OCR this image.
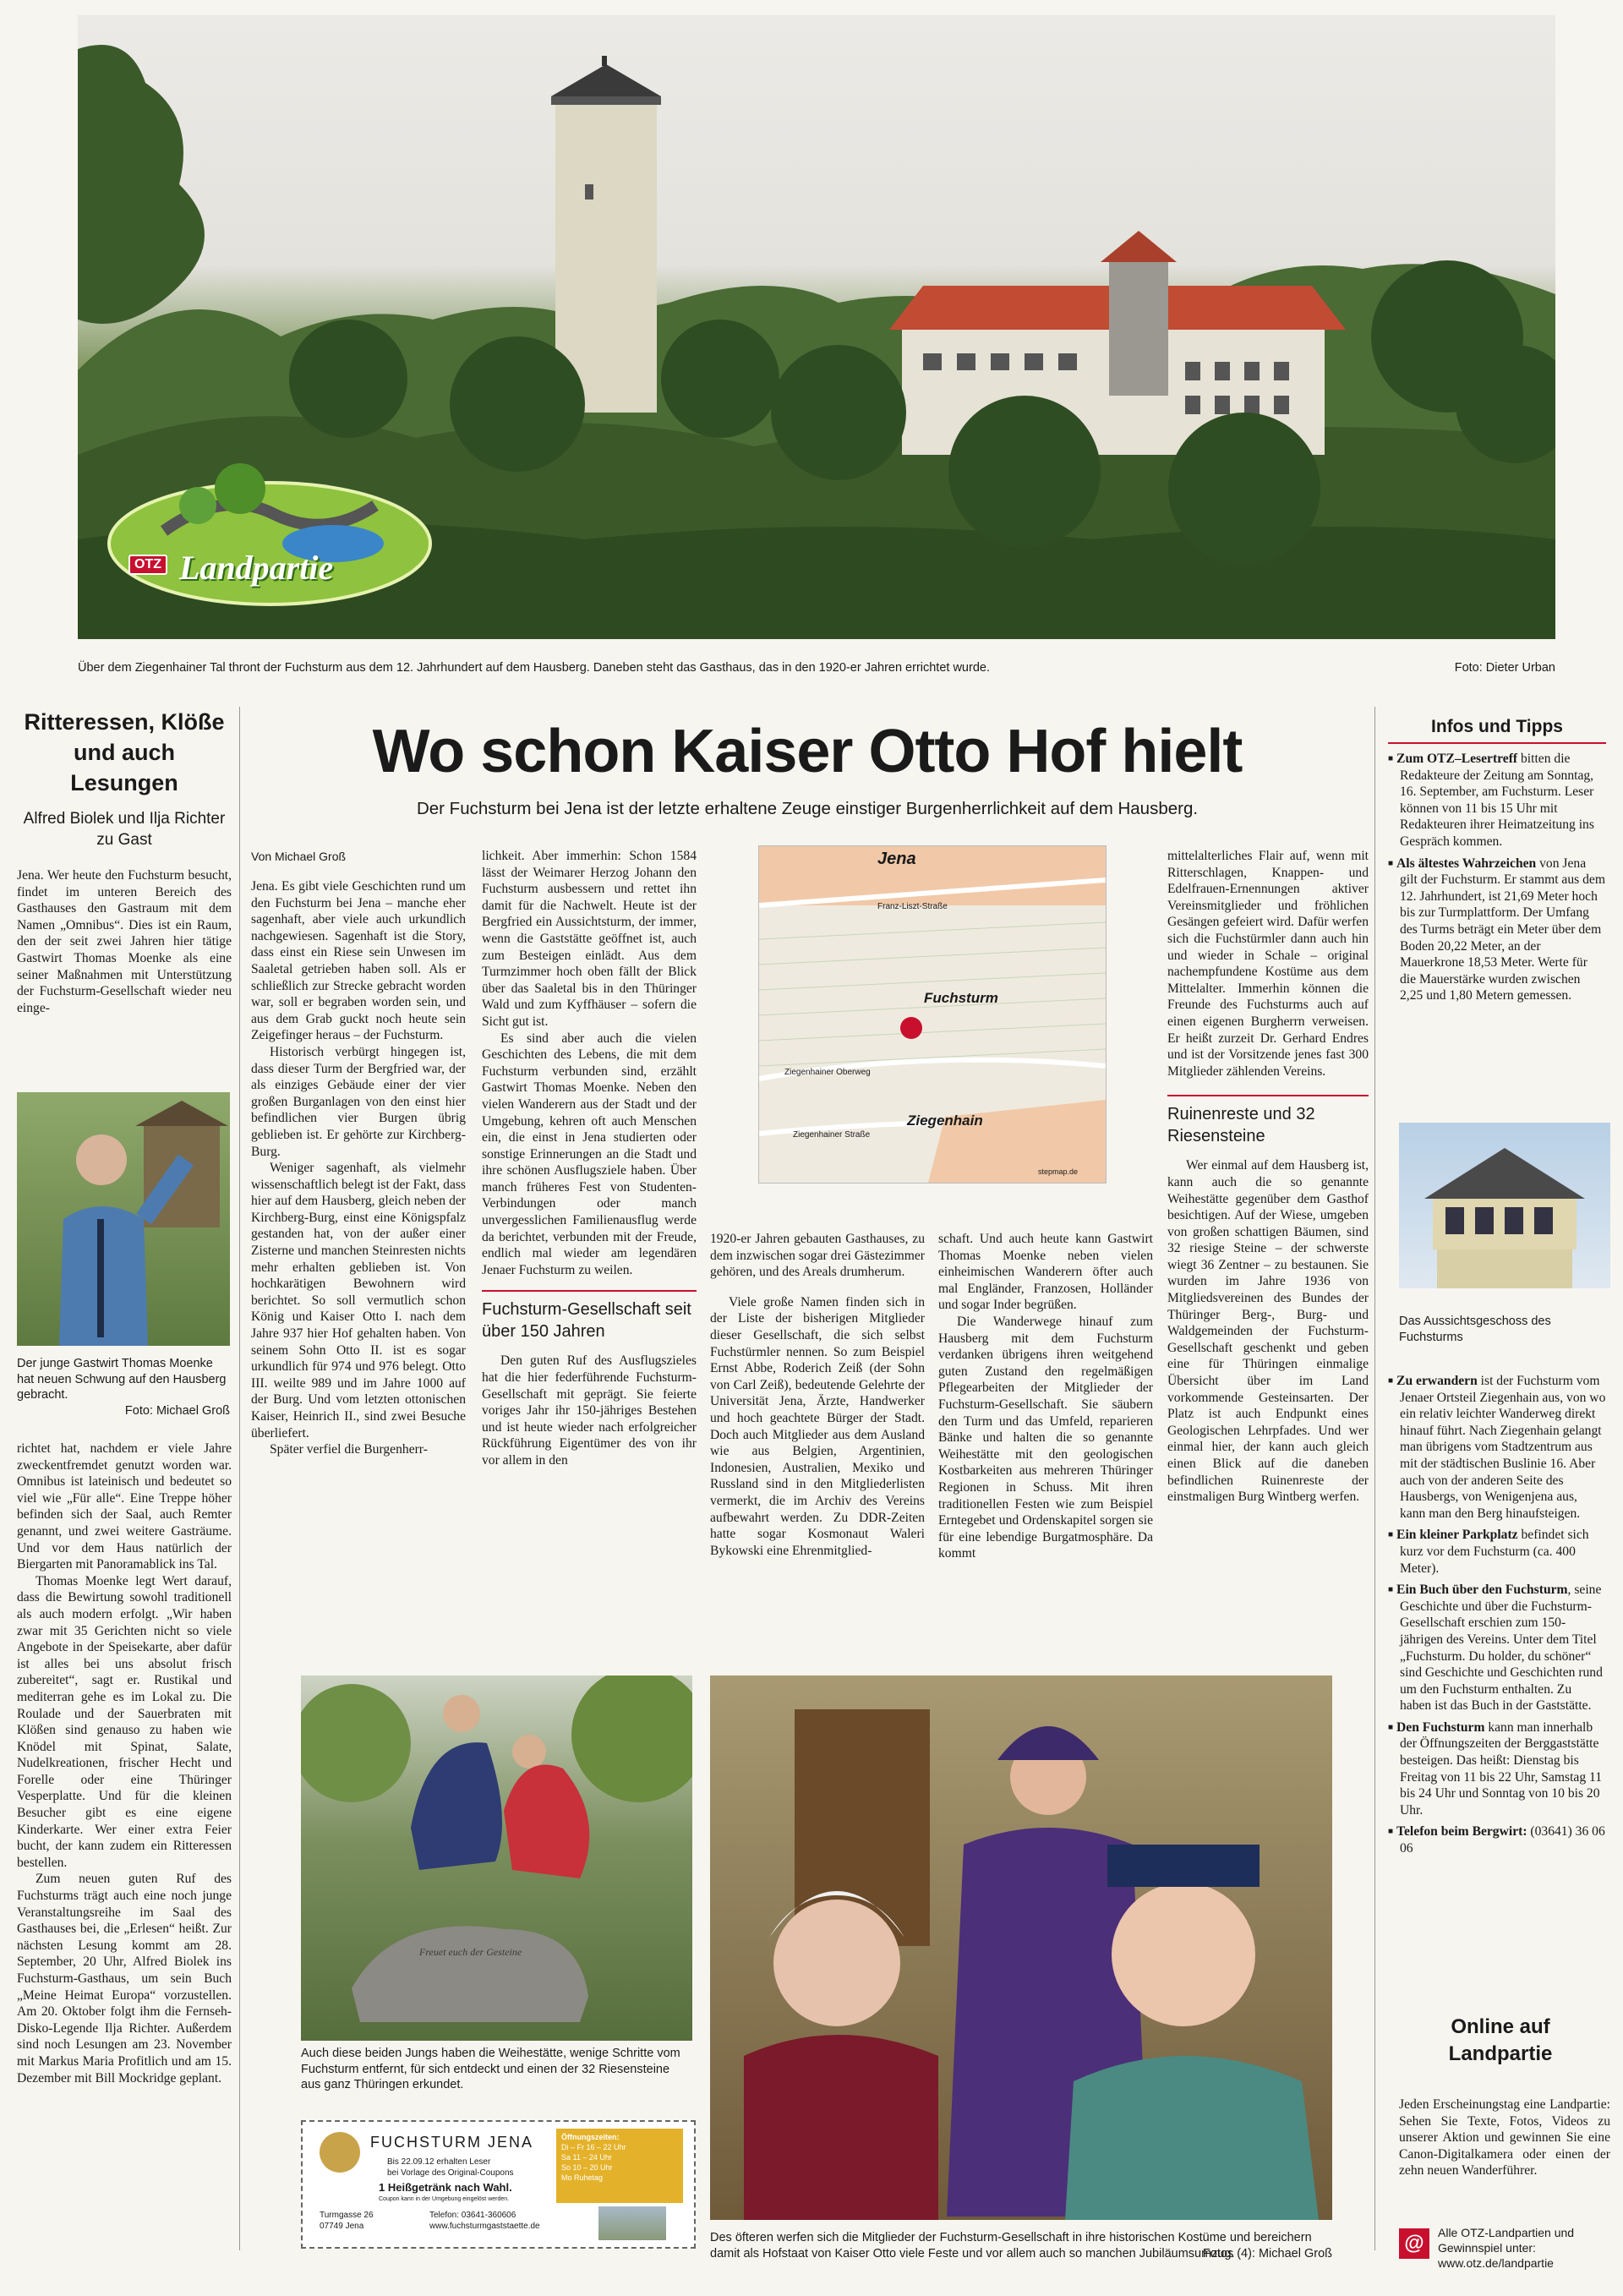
OTZ Landpartie
Über dem Ziegenhainer Tal thront der Fuchsturm aus dem 12. Jahrhundert auf dem Hausberg. Daneben steht das Gasthaus, das in den 1920-er Jahren errichtet wurde.	Foto: Dieter Urban
Ritteressen, Klöße und auch Lesungen
Alfred Biolek und Ilja Richter zu Gast

Jena. Wer heute den Fuchsturm besucht, findet im unteren Bereich des Gasthauses den Gastraum mit dem Namen „Omnibus“. Dies ist ein Raum, den der seit zwei Jahren hier tätige Gastwirt Thomas Moenke als eine seiner Maßnahmen mit Unterstützung der Fuchsturm-Gesellschaft wieder neu einge-

Der junge Gastwirt Thomas Moenke hat neuen Schwung auf den Hausberg gebracht.
Foto: Michael Groß

richtet hat, nachdem er viele Jahre zweckentfremdet genutzt worden war. Omnibus ist lateinisch und bedeutet so viel wie „Für alle“. Eine Treppe höher befinden sich der Saal, auch Remter genannt, und zwei weitere Gasträume. Und vor dem Haus natürlich der Biergarten mit Panoramablick ins Tal.

Thomas Moenke legt Wert darauf, dass die Bewirtung sowohl traditionell als auch modern erfolgt. „Wir haben zwar mit 35 Gerichten nicht so viele Angebote in der Speisekarte, aber dafür ist alles bei uns absolut frisch zubereitet“, sagt er. Rustikal und mediterran gehe es im Lokal zu. Die Roulade und der Sauerbraten mit Klößen sind genauso zu haben wie Knödel mit Spinat, Salate, Nudelkreationen, frischer Hecht und Forelle oder eine Thüringer Vesperplatte. Und für die kleinen Besucher gibt es eine eigene Kinderkarte. Wer einer extra Feier bucht, der kann zudem ein Ritteressen bestellen.

Zum neuen guten Ruf des Fuchsturms trägt auch eine noch junge Veranstaltungsreihe im Saal des Gasthauses bei, die „Erlesen“ heißt. Zur nächsten Lesung kommt am 28. September, 20 Uhr, Alfred Biolek ins Fuchsturm-Gasthaus, um sein Buch „Meine Heimat Europa“ vorzustellen. Am 20. Oktober folgt ihm die Fernseh-Disko-Legende Ilja Richter. Außerdem sind noch Lesungen am 23. November mit Markus Maria Profitlich und am 15. Dezember mit Bill Mockridge geplant.

Wo schon Kaiser Otto Hof hielt
Der Fuchsturm bei Jena ist der letzte erhaltene Zeuge einstiger Burgenherrlichkeit auf dem Hausberg.
Von Michael Groß

Jena. Es gibt viele Geschichten rund um den Fuchsturm bei Jena – manche eher sagenhaft, aber viele auch urkundlich nachgewiesen. Sagenhaft ist die Story, dass einst ein Riese sein Unwesen im Saaletal getrieben haben soll. Als er schließlich zur Strecke gebracht worden war, soll er begraben worden sein, und aus dem Grab guckt noch heute sein Zeigefinger heraus – der Fuchsturm.

Historisch verbürgt hingegen ist, dass dieser Turm der Bergfried war, der als einziges Gebäude einer der vier großen Burganlagen von den einst hier befindlichen vier Burgen übrig geblieben ist. Er gehörte zur Kirchberg-Burg.

Weniger sagenhaft, als vielmehr wissenschaftlich belegt ist der Fakt, dass hier auf dem Hausberg, gleich neben der Kirchberg-Burg, einst eine Königspfalz gestanden hat, von der außer einer Zisterne und manchen Steinresten nichts mehr erhalten geblieben ist. Von hochkarätigen Bewohnern wird berichtet. So soll vermutlich schon König und Kaiser Otto I. nach dem Jahre 937 hier Hof gehalten haben. Von seinem Sohn Otto II. ist es sogar urkundlich für 974 und 976 belegt. Otto III. weilte 989 und im Jahre 1000 auf der Burg. Und vom letzten ottonischen Kaiser, Heinrich II., sind zwei Besuche überliefert.

Später verfiel die Burgenherr-

lichkeit. Aber immerhin: Schon 1584 lässt der Weimarer Herzog Johann den Fuchsturm ausbessern und rettet ihn damit für die Nachwelt. Heute ist der Bergfried ein Aussichtsturm, der immer, wenn die Gaststätte geöffnet ist, auch zum Besteigen einlädt. Aus dem Turmzimmer hoch oben fällt der Blick über das Saaletal bis in den Thüringer Wald und zum Kyffhäuser – sofern die Sicht gut ist.

Es sind aber auch die vielen Geschichten des Lebens, die mit dem Fuchsturm verbunden sind, erzählt Gastwirt Thomas Moenke. Neben den vielen Wanderern aus der Stadt und der Umgebung, kehren oft auch Menschen ein, die einst in Jena studierten oder sonstige Erinnerungen an die Stadt und ihre schönen Ausflugsziele haben. Über manch früheres Fest von Studenten-Verbindungen oder manch unvergesslichen Familienausflug werde da berichtet, verbunden mit der Freude, endlich mal wieder am legendären Jenaer Fuchsturm zu weilen.

Fuchsturm-Gesellschaft seit über 150 Jahren

Den guten Ruf des Ausflugszieles hat die hier federführende Fuchsturm-Gesellschaft mit geprägt. Sie feierte voriges Jahr ihr 150-jähriges Bestehen und ist heute wieder nach erfolgreicher Rückführung Eigentümer des von ihr vor allem in den

Jena
Franz-Liszt-Straße
Fuchsturm
Ziegenhainer Oberweg
Ziegenhain
Ziegenhainer Straße
stepmap.de

1920-er Jahren gebauten Gasthauses, zu dem inzwischen sogar drei Gästezimmer gehören, und des Areals drumherum.

Viele große Namen finden sich in der Liste der bisherigen Mitglieder dieser Gesellschaft, die sich selbst Fuchstürmler nennen. So zum Beispiel Ernst Abbe, Roderich Zeiß (der Sohn von Carl Zeiß), bedeutende Gelehrte der Universität Jena, Ärzte, Handwerker und hoch geachtete Bürger der Stadt. Doch auch Mitglieder aus dem Ausland wie aus Belgien, Argentinien, Indonesien, Australien, Mexiko und Russland sind in den Mitgliederlisten vermerkt, die im Archiv des Vereins aufbewahrt werden. Zu DDR-Zeiten hatte sogar Kosmonaut Waleri Bykowski eine Ehrenmitglied-

schaft. Und auch heute kann Gastwirt Thomas Moenke neben vielen einheimischen Wanderern öfter auch mal Engländer, Franzosen, Holländer und sogar Inder begrüßen.

Die Wanderwege hinauf zum Hausberg mit dem Fuchsturm verdanken übrigens ihren weitgehend guten Zustand den regelmäßigen Pflegearbeiten der Mitglieder der Fuchsturm-Gesellschaft. Sie säubern den Turm und das Umfeld, reparieren Bänke und halten die so genannte Weihestätte mit den geologischen Kostbarkeiten aus mehreren Thüringer Regionen in Schuss. Mit ihren traditionellen Festen wie zum Beispiel Erntegebet und Ordenskapitel sorgen sie für eine lebendige Burgatmosphäre. Da kommt

mittelalterliches Flair auf, wenn mit Ritterschlagen, Knappen- und Edelfrauen-Ernennungen aktiver Vereinsmitglieder und fröhlichen Gesängen gefeiert wird. Dafür werfen sich die Fuchstürmler dann auch hin und wieder in Schale – original nachempfundene Kostüme aus dem Mittelalter. Immerhin können die Freunde des Fuchsturms auch auf einen eigenen Burgherrn verweisen. Er heißt zurzeit Dr. Gerhard Endres und ist der Vorsitzende jenes fast 300 Mitglieder zählenden Vereins.

Ruinenreste und 32 Riesensteine

Wer einmal auf dem Hausberg ist, kann auch die so genannte Weihestätte gegenüber dem Gasthof besichtigen. Auf der Wiese, umgeben von großen schattigen Bäumen, sind 32 riesige Steine – der schwerste wiegt 36 Zentner – zu bestaunen. Sie wurden im Jahre 1936 von Mitgliedsvereinen des Bundes der Thüringer Berg-, Burg- und Waldgemeinden der Fuchsturm-Gesellschaft geschenkt und geben eine für Thüringen einmalige Übersicht über im Land vorkommende Gesteinsarten. Der Platz ist auch Endpunkt eines Geologischen Lehrpfades. Und wer einmal hier, der kann auch gleich einen Blick auf die daneben befindlichen Ruinenreste der einstmaligen Burg Wintberg werfen.

Freuet euch der Gesteine
Auch diese beiden Jungs haben die Weihestätte, wenige Schritte vom Fuchsturm entfernt, für sich entdeckt und einen der 32 Riesensteine aus ganz Thüringen erkundet.
FUCHSTURM JENA
Bis 22.09.12 erhalten Leser
bei Vorlage des Original-Coupons
1 Heißgetränk nach Wahl.
Coupon kann in der Umgebung eingelöst werden.
Turmgasse 26
07749 Jena
Telefon: 03641-360606
www.fuchsturmgaststaette.de
Öffnungszeiten:
Di – Fr 16 – 22 Uhr
Sa 11 – 24 Uhr
So 10 – 20 Uhr
Mo Ruhetag
Des öfteren werfen sich die Mitglieder der Fuchsturm-Gesellschaft in ihre historischen Kostüme und bereichern damit als Hofstaat von Kaiser Otto viele Feste und vor allem auch so manchen Jubiläumsumzug.
Fotos (4): Michael Groß
Infos und Tipps
■ Zum OTZ–Lesertreff bitten die Redakteure der Zeitung am Sonntag, 16. September, am Fuchsturm. Leser können von 11 bis 15 Uhr mit Redakteuren ihrer Heimatzeitung ins Gespräch kommen.
■ Als ältestes Wahrzeichen von Jena gilt der Fuchsturm. Er stammt aus dem 12. Jahrhundert, ist 21,69 Meter hoch bis zur Turmplattform. Der Umfang des Turms beträgt ein Meter über dem Boden 20,22 Meter, an der Mauerkrone 18,53 Meter. Werte für die Mauerstärke wurden zwischen 2,25 und 1,80 Metern gemessen.
Das Aussichtsgeschoss des Fuchsturms
■ Zu erwandern ist der Fuchsturm vom Jenaer Ortsteil Ziegenhain aus, von wo ein relativ leichter Wanderweg direkt hinauf führt. Nach Ziegenhain gelangt man übrigens vom Stadtzentrum aus mit der städtischen Buslinie 16. Aber auch von der anderen Seite des Hausbergs, von Wenigenjena aus, kann man den Berg hinaufsteigen.
■ Ein kleiner Parkplatz befindet sich kurz vor dem Fuchsturm (ca. 400 Meter).
■ Ein Buch über den Fuchsturm, seine Geschichte und über die Fuchsturm-Gesellschaft erschien zum 150-jährigen des Vereins. Unter dem Titel „Fuchsturm. Du holder, du schöner“ sind Geschichte und Geschichten rund um den Fuchsturm enthalten. Zu haben ist das Buch in der Gaststätte.
■ Den Fuchsturm kann man innerhalb der Öffnungszeiten der Berggaststätte besteigen. Das heißt: Dienstag bis Freitag von 11 bis 22 Uhr, Samstag 11 bis 24 Uhr und Sonntag von 10 bis 20 Uhr.
■ Telefon beim Bergwirt: (03641) 36 06 06
Online auf Landpartie
Jeden Erscheinungstag eine Landpartie: Sehen Sie Texte, Fotos, Videos zu unserer Aktion und gewinnen Sie eine Canon-Digitalkamera oder einen der zehn neuen Wanderführer.
@	Alle OTZ-Landpartien und Gewinnspiel unter:
www.otz.de/landpartie
